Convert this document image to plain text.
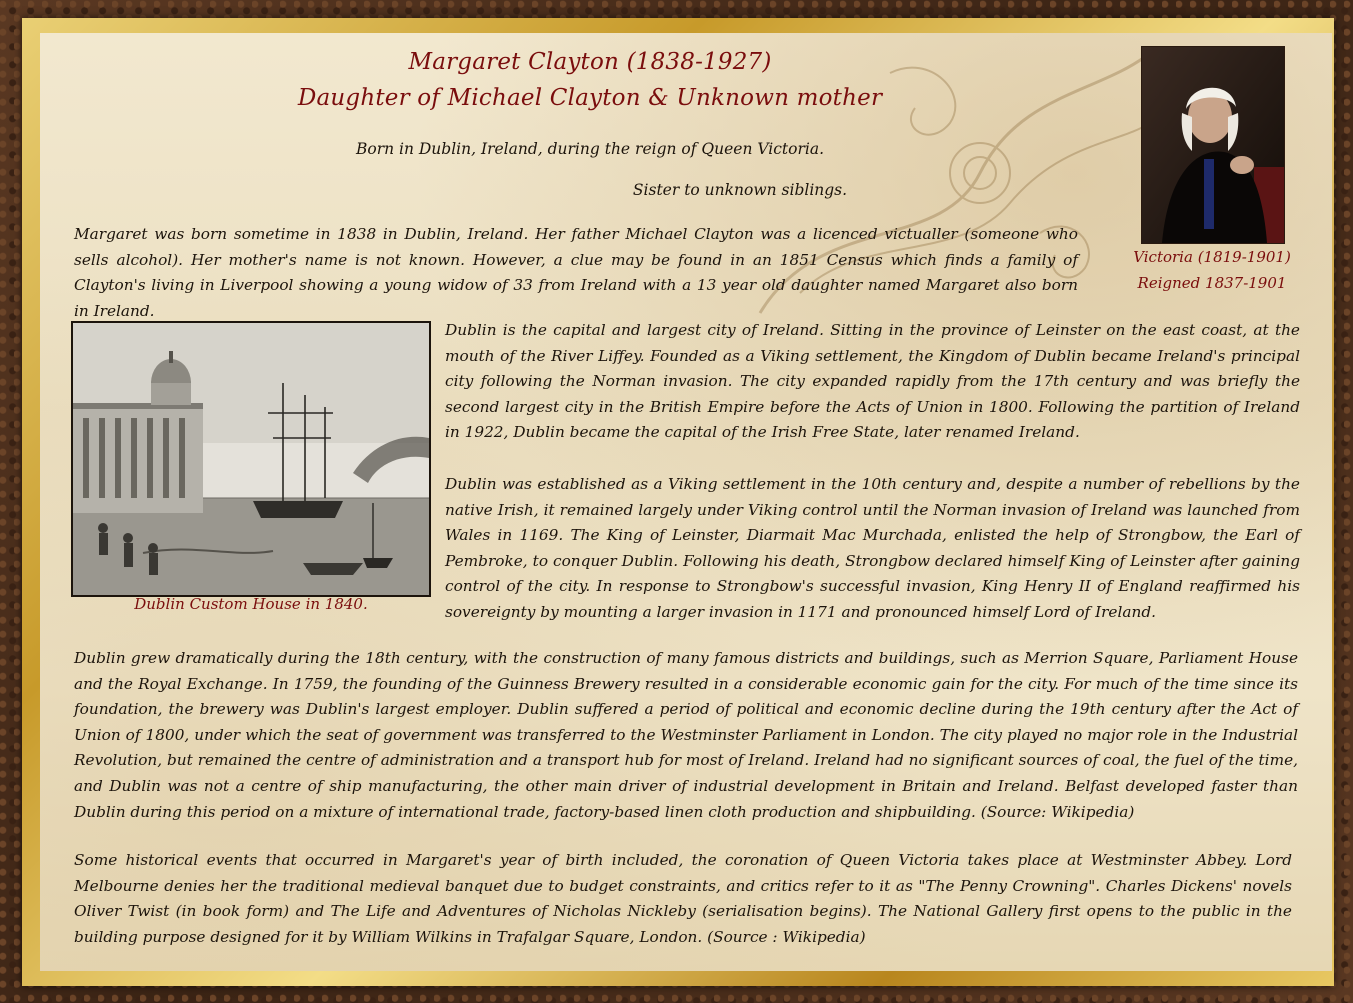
Margaret Clayton (1838-1927)
Daughter of Michael Clayton & Unknown mother
Born in Dublin, Ireland, during the reign of Queen Victoria.
Sister to unknown siblings.

Margaret was born sometime in 1838 in Dublin, Ireland. Her father Michael Clayton was a licenced victualler (someone who sells alcohol). Her mother's name is not known. However, a clue may be found in an 1851 Census which finds a family of Clayton's living in Liverpool showing a young widow of 33 from Ireland with a 13 year old daughter named Margaret also born in Ireland.

Victoria (1819-1901)
Reigned 1837-1901
Dublin Custom House in 1840.

Dublin is the capital and largest city of Ireland. Sitting in the province of Leinster on the east coast, at the mouth of the River Liffey. Founded as a Viking settlement, the Kingdom of Dublin became Ireland's principal city following the Norman invasion. The city expanded rapidly from the 17th century and was briefly the second largest city in the British Empire before the Acts of Union in 1800. Following the partition of Ireland in 1922, Dublin became the capital of the Irish Free State, later renamed Ireland.

Dublin was established as a Viking settlement in the 10th century and, despite a number of rebellions by the native Irish, it remained largely under Viking control until the Norman invasion of Ireland was launched from Wales in 1169. The King of Leinster, Diarmait Mac Murchada, enlisted the help of Strongbow, the Earl of Pembroke, to conquer Dublin. Following his death, Strongbow declared himself King of Leinster after gaining control of the city. In response to Strongbow's successful invasion, King Henry II of England reaffirmed his sovereignty by mounting a larger invasion in 1171 and pronounced himself Lord of Ireland.

Dublin grew dramatically during the 18th century, with the construction of many famous districts and buildings, such as Merrion Square, Parliament House and the Royal Exchange. In 1759, the founding of the Guinness Brewery resulted in a considerable economic gain for the city. For much of the time since its foundation, the brewery was Dublin's largest employer. Dublin suffered a period of political and economic decline during the 19th century after the Act of Union of 1800, under which the seat of government was transferred to the Westminster Parliament in London. The city played no major role in the Industrial Revolution, but remained the centre of administration and a transport hub for most of Ireland. Ireland had no significant sources of coal, the fuel of the time, and Dublin was not a centre of ship manufacturing, the other main driver of industrial development in Britain and Ireland. Belfast developed faster than Dublin during this period on a mixture of international trade, factory-based linen cloth production and shipbuilding. (Source: Wikipedia)

Some historical events that occurred in Margaret's year of birth included, the coronation of Queen Victoria takes place at Westminster Abbey. Lord Melbourne denies her the traditional medieval banquet due to budget constraints, and critics refer to it as "The Penny Crowning". Charles Dickens' novels Oliver Twist (in book form) and The Life and Adventures of Nicholas Nickleby (serialisation begins). The National Gallery first opens to the public in the building purpose designed for it by William Wilkins in Trafalgar Square, London. (Source : Wikipedia)
